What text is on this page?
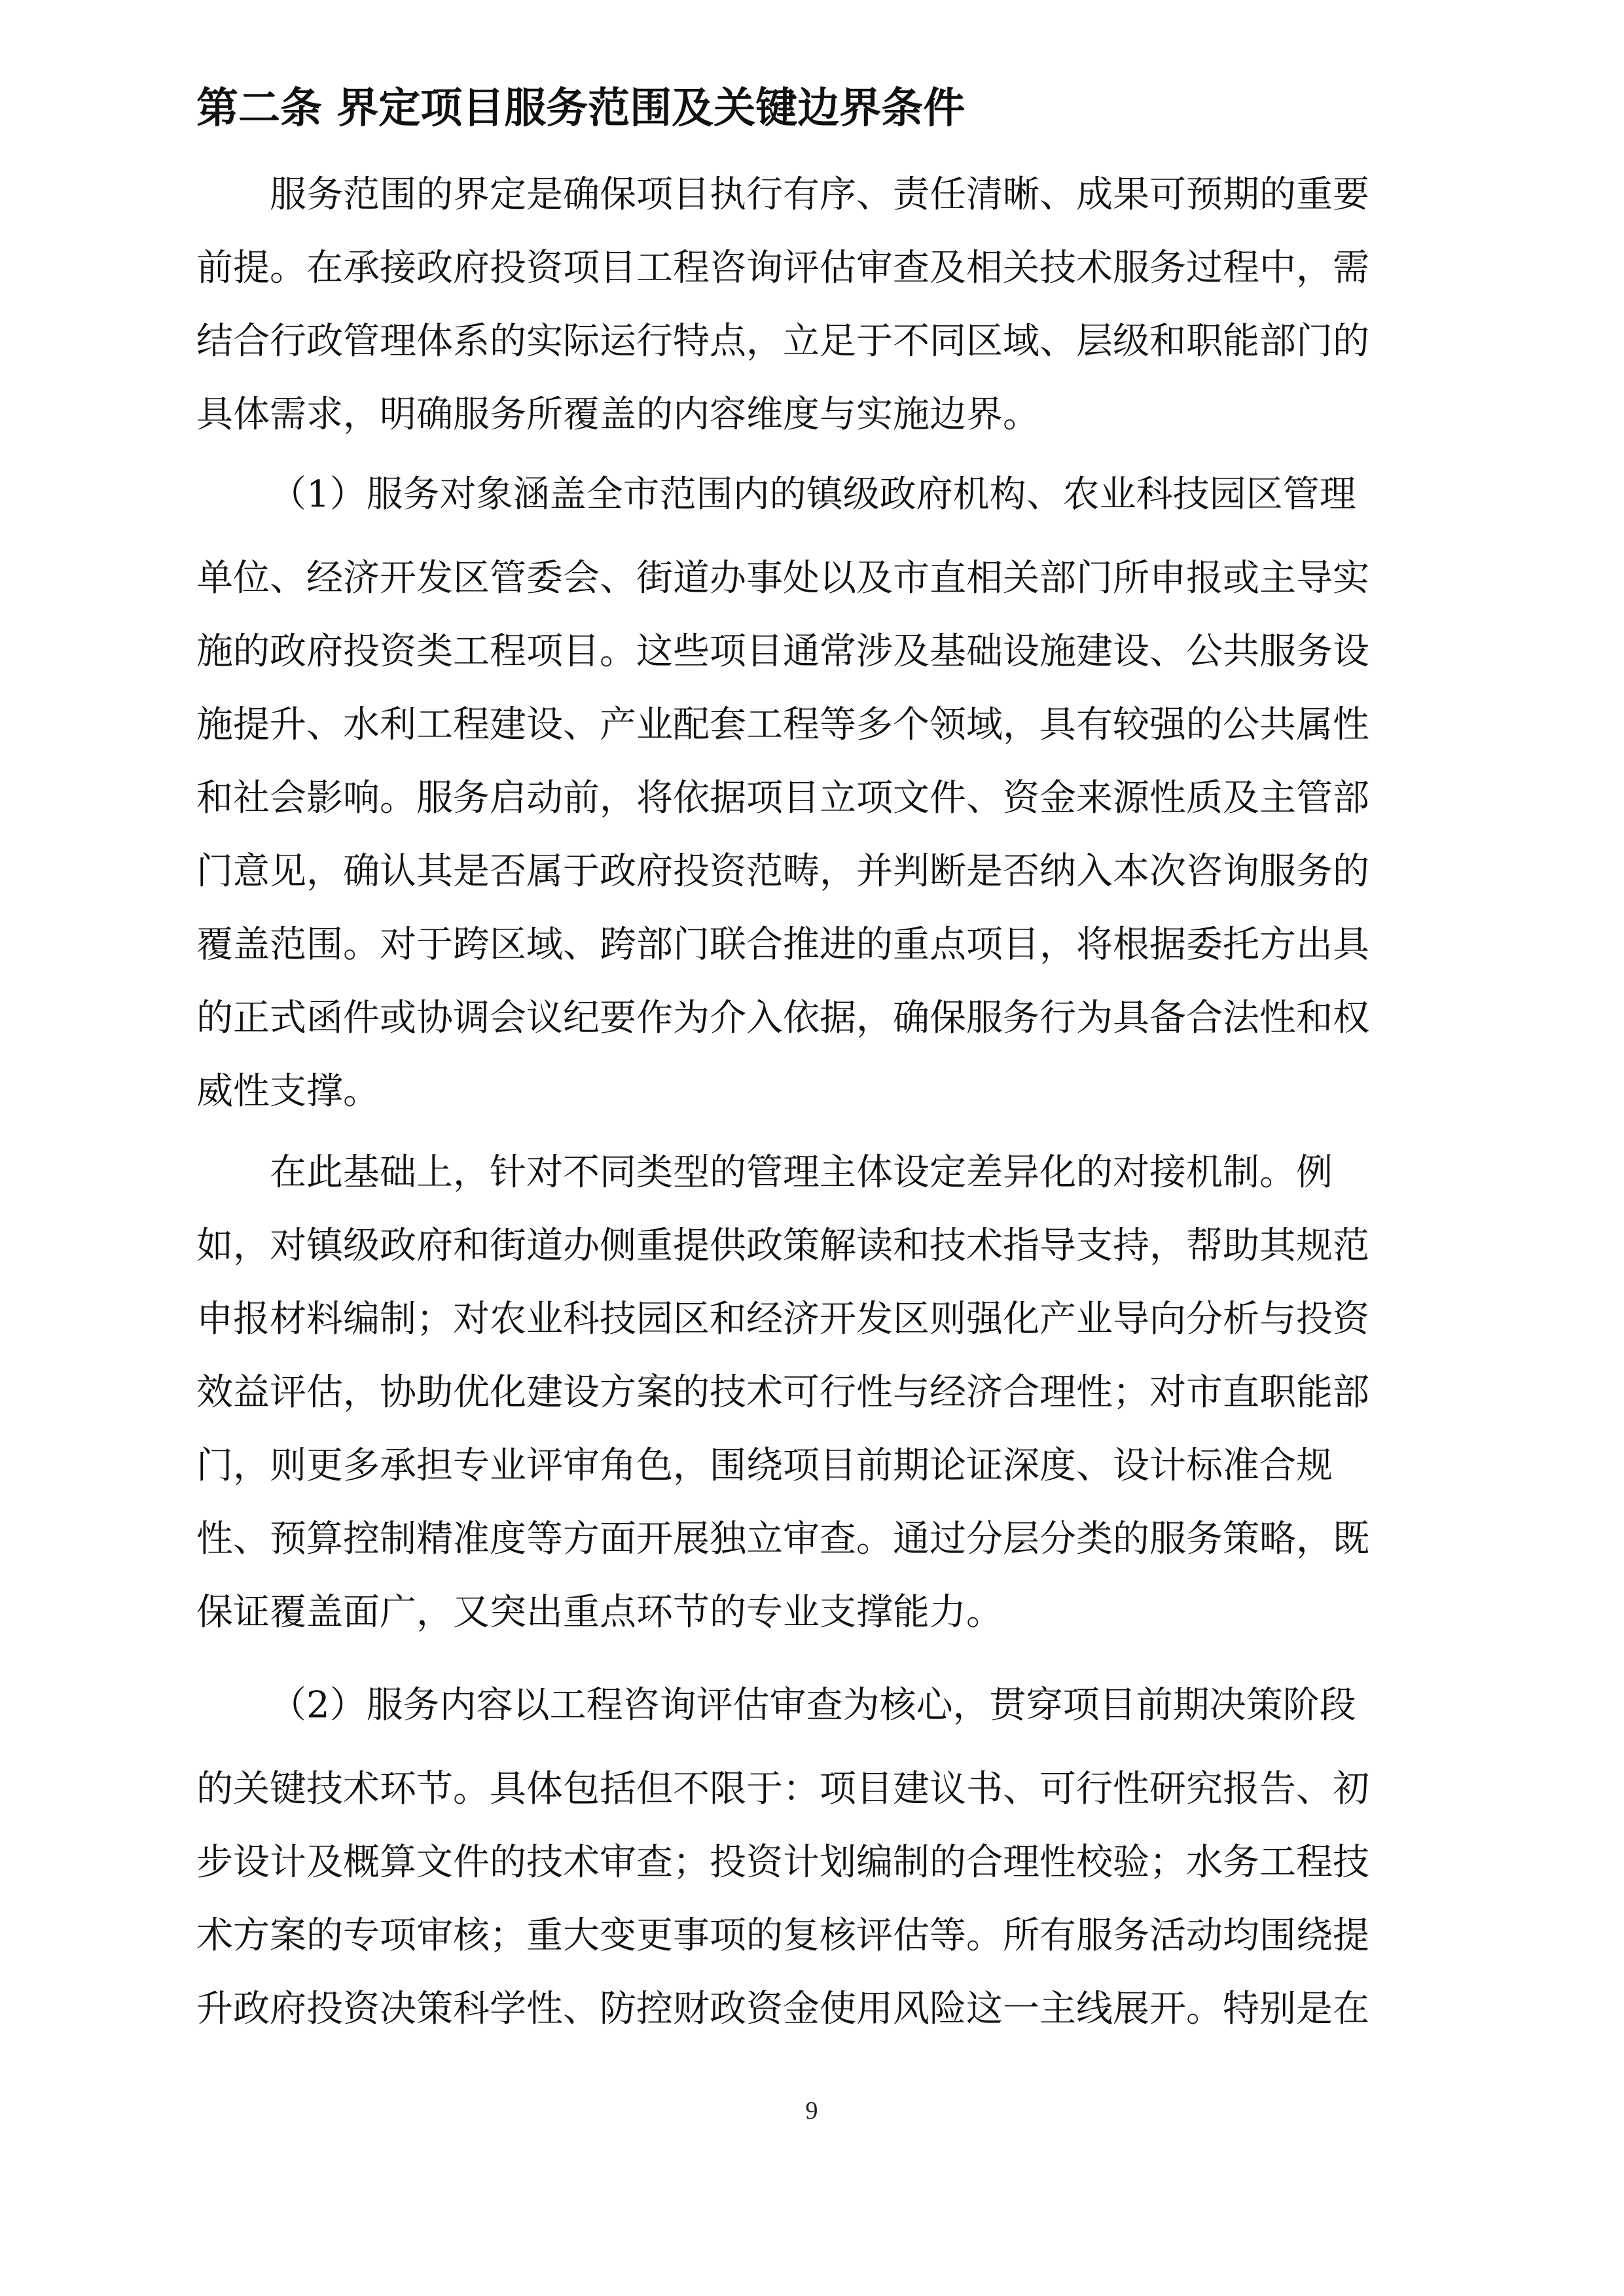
第二条 界定项目服务范围及关键边界条件
服务范围的界定是确保项目执行有序、责任清晰、成果可预期的重要
前提。在承接政府投资项目工程咨询评估审查及相关技术服务过程中，需
结合行政管理体系的实际运行特点，立足于不同区域、层级和职能部门的
具体需求，明确服务所覆盖的内容维度与实施边界。
（1）服务对象涵盖全市范围内的镇级政府机构、农业科技园区管理
单位、经济开发区管委会、街道办事处以及市直相关部门所申报或主导实
施的政府投资类工程项目。这些项目通常涉及基础设施建设、公共服务设
施提升、水利工程建设、产业配套工程等多个领域，具有较强的公共属性
和社会影响。服务启动前，将依据项目立项文件、资金来源性质及主管部
门意见，确认其是否属于政府投资范畴，并判断是否纳入本次咨询服务的
覆盖范围。对于跨区域、跨部门联合推进的重点项目，将根据委托方出具
的正式函件或协调会议纪要作为介入依据，确保服务行为具备合法性和权
威性支撑。
在此基础上，针对不同类型的管理主体设定差异化的对接机制。例
如，对镇级政府和街道办侧重提供政策解读和技术指导支持，帮助其规范
申报材料编制；对农业科技园区和经济开发区则强化产业导向分析与投资
效益评估，协助优化建设方案的技术可行性与经济合理性；对市直职能部
门，则更多承担专业评审角色，围绕项目前期论证深度、设计标准合规
性、预算控制精准度等方面开展独立审查。通过分层分类的服务策略，既
保证覆盖面广，又突出重点环节的专业支撑能力。
（2）服务内容以工程咨询评估审查为核心，贯穿项目前期决策阶段
的关键技术环节。具体包括但不限于：项目建议书、可行性研究报告、初
步设计及概算文件的技术审查；投资计划编制的合理性校验；水务工程技
术方案的专项审核；重大变更事项的复核评估等。所有服务活动均围绕提
升政府投资决策科学性、防控财政资金使用风险这一主线展开。特别是在
9
